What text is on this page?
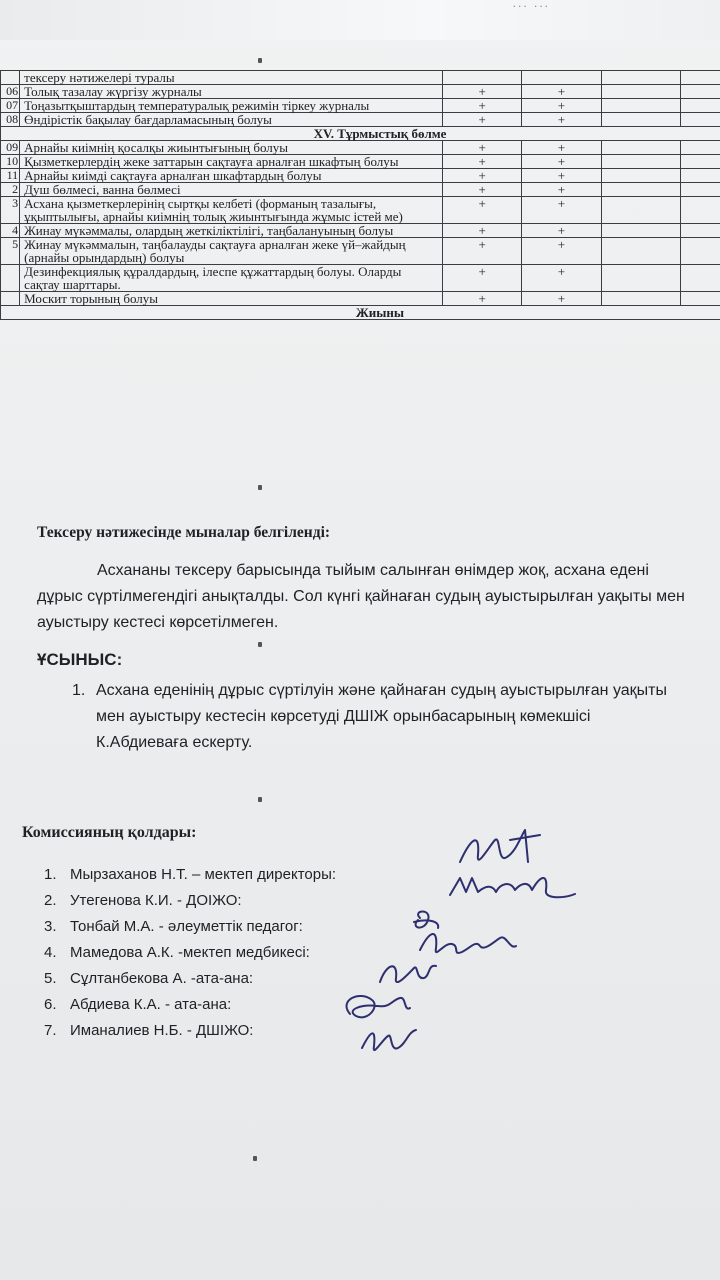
... ...
	тексеру нәтижелері туралы				
06	Толық тазалау жүргізу журналы	+	+		
07	Тоңазытқыштардың температуралық режимін тіркеу журналы	+	+		
08	Өндірістік бақылау бағдарламасының болуы	+	+		
XV. Тұрмыстық бөлме					
09	Арнайы киімнің қосалқы жиынтығының болуы	+	+		
10	Қызметкерлердің жеке заттарын сақтауға арналған шкафтың болуы	+	+		
11	Арнайы киімді сақтауға арналған шкафтардың болуы	+	+		
2	Душ бөлмесі, ванна бөлмесі	+	+		
3	Асхана қызметкерлерінің сыртқы келбеті (форманың тазалығы, ұқыптылығы, арнайы киімнің толық жиынтығында жұмыс істей ме)	+	+		
4	Жинау мүкәммалы, олардың жеткіліктілігі, таңбалануының болуы	+	+		
5	Жинау мүкәммалын, таңбалауды сақтауға арналған жеке үй–жайдың (арнайы орындардың) болуы	+	+		
	Дезинфекциялық құралдардың, ілеспе құжаттардың болуы. Оларды сақтау шарттары.	+	+		
	Москит торының болуы	+	+		
Жиыны					
Тексеру нәтижесінде мыналар белгіленді:
Асхананы тексеру барысында тыйым салынған өнімдер жоқ, асхана едені дұрыс сүртілмегендігі анықталды. Сол күнгі қайнаған судың ауыстырылған уақыты мен ауыстыру кестесі көрсетілмеген.
ҰСЫНЫС:
1. Асхана еденінің дұрыс сүртілуін және қайнаған судың ауыстырылған уақыты мен ауыстыру кестесін көрсетуді ДШІЖ орынбасарының көмекшісі К.Абдиеваға ескерту.
Комиссияның қолдары:
1. Мырзаханов Н.Т. – мектеп директоры:
2. Утегенова К.И. - ДОІЖО:
3. Тонбай М.А. - әлеуметтік педагог:
4. Мамедова А.К. -мектеп медбикесі:
5. Сұлтанбекова А. -ата-ана:
6. Абдиева К.А. - ата-ана:
7. Иманалиев Н.Б. - ДШІЖО:
